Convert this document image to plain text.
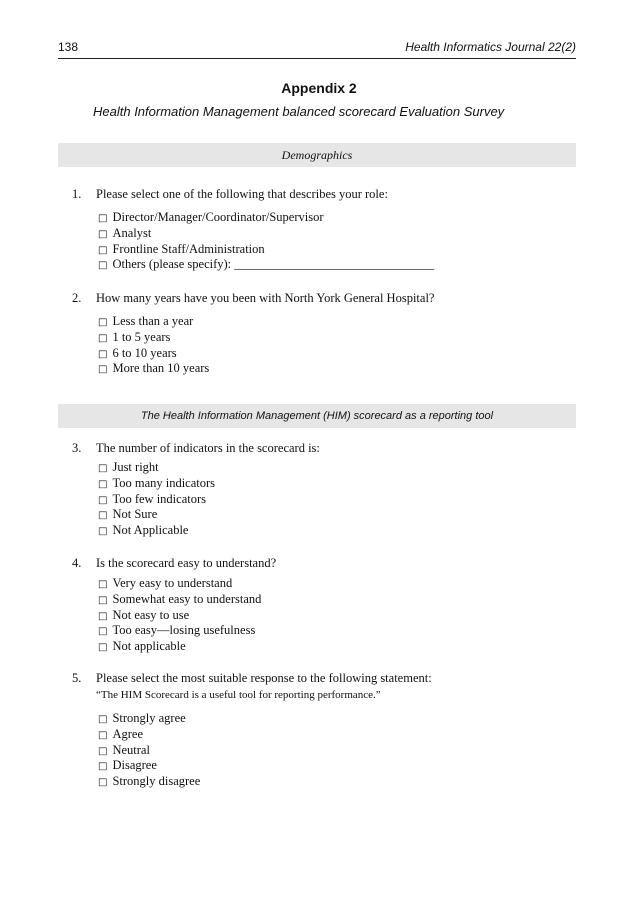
138	Health Informatics Journal 22(2)
Appendix 2
Health Information Management balanced scorecard Evaluation Survey
Demographics
1. Please select one of the following that describes your role:
□ Director/Manager/Coordinator/Supervisor
□ Analyst
□ Frontline Staff/Administration
□ Others (please specify): ________________________________
2. How many years have you been with North York General Hospital?
□ Less than a year
□ 1 to 5 years
□ 6 to 10 years
□ More than 10 years
The Health Information Management (HIM) scorecard as a reporting tool
3. The number of indicators in the scorecard is:
□ Just right
□ Too many indicators
□ Too few indicators
□ Not Sure
□ Not Applicable
4. Is the scorecard easy to understand?
□ Very easy to understand
□ Somewhat easy to understand
□ Not easy to use
□ Too easy—losing usefulness
□ Not applicable
5. Please select the most suitable response to the following statement:
“The HIM Scorecard is a useful tool for reporting performance.”
□ Strongly agree
□ Agree
□ Neutral
□ Disagree
□ Strongly disagree
